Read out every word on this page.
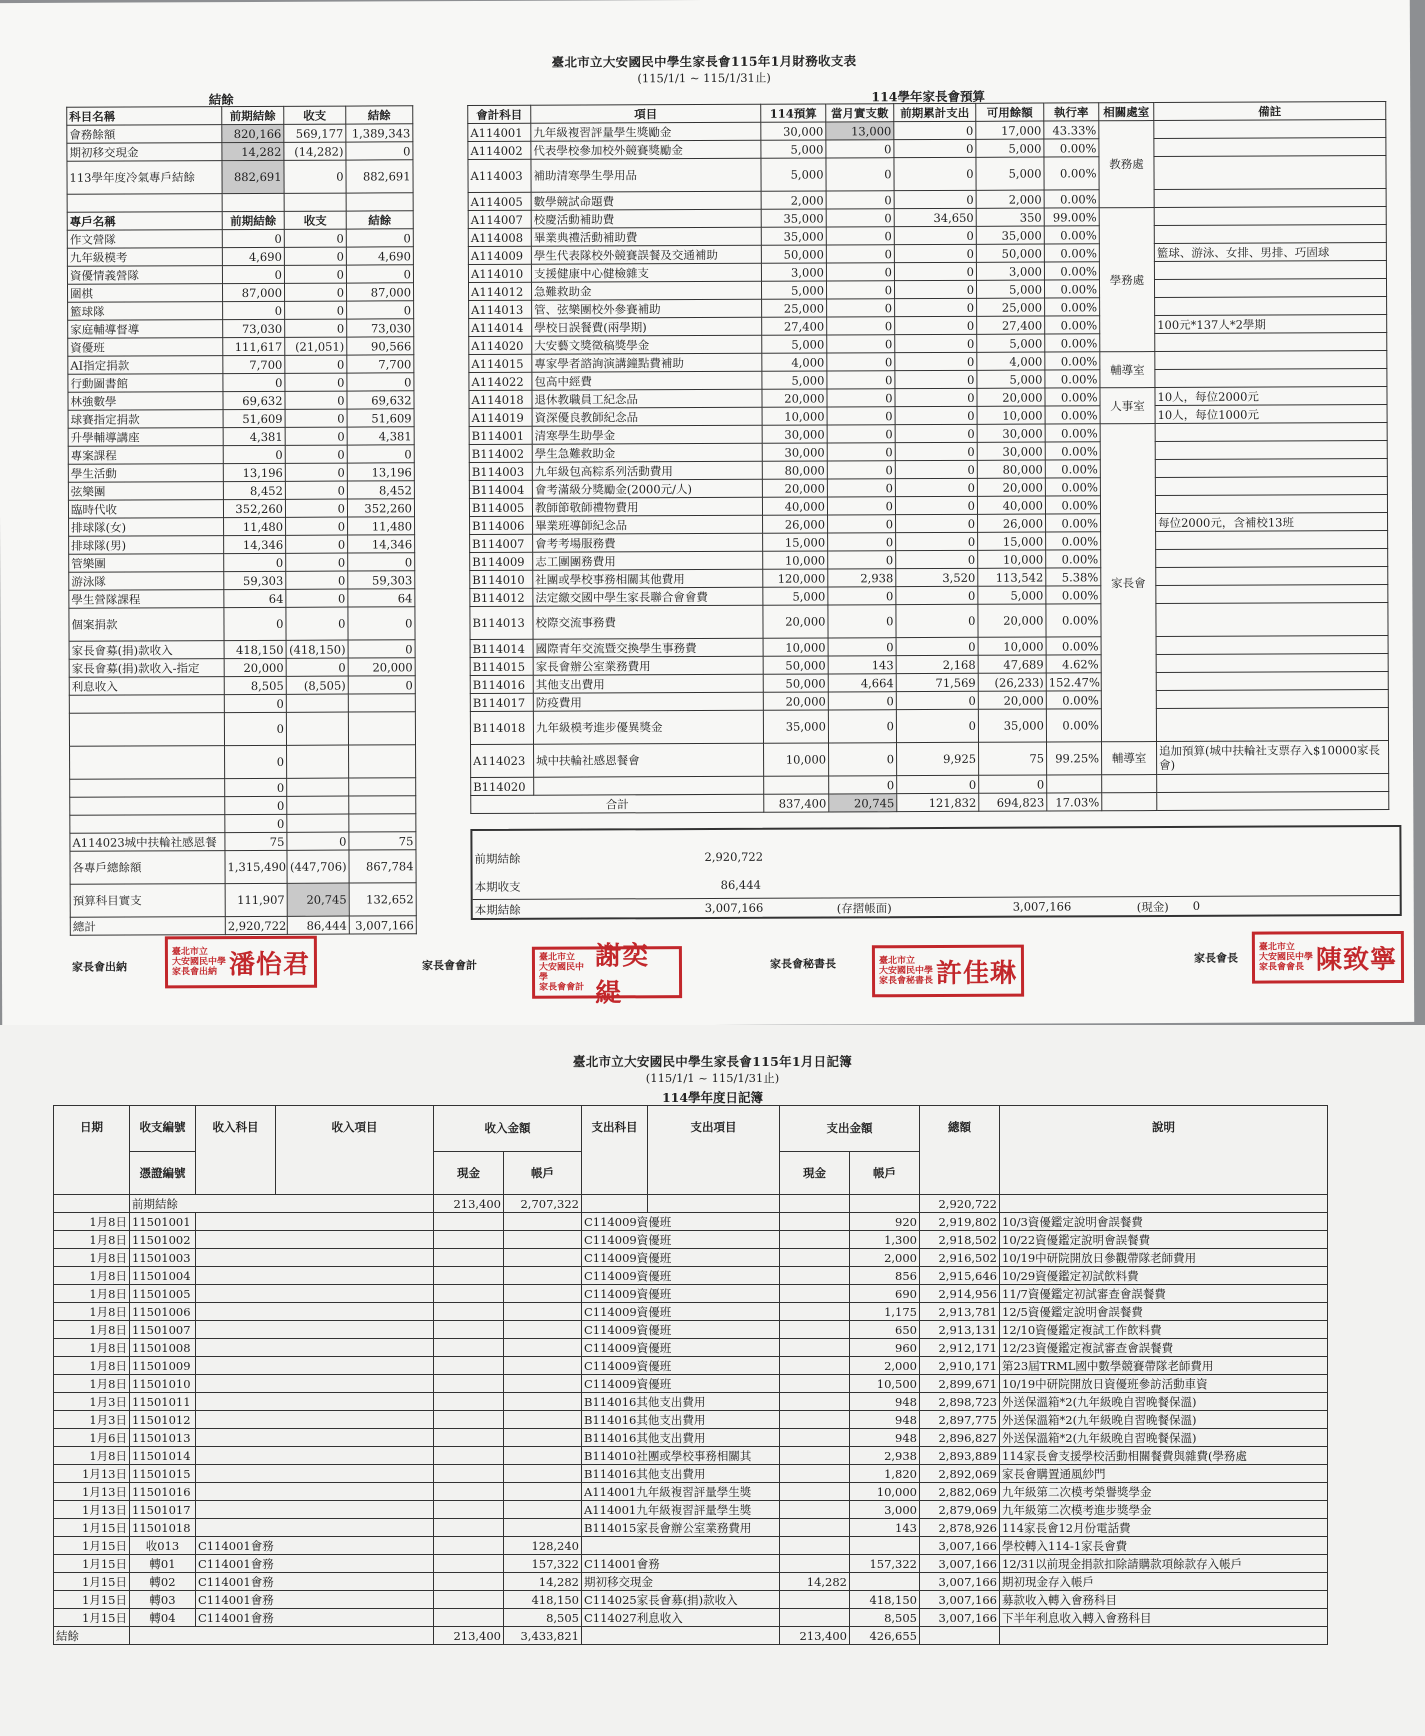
臺北市立大安國民中學生家長會115年1月財務收支表
(115/1/1 ~ 115/1/31止)
結餘	114學年家長會預算
科目名稱	前期結餘	收支	結餘
會務餘額	820,166	569,177	1,389,343
期初移交現金	14,282	(14,282)	0
113學年度冷氣專戶結餘	882,691	0	882,691

專戶名稱	前期結餘	收支	結餘
作文營隊	0	0	0
九年級模考	4,690	0	4,690
資優情義營隊	0	0	0
圍棋	87,000	0	87,000
籃球隊	0	0	0
家庭輔導督導	73,030	0	73,030
資優班	111,617	(21,051)	90,566
AI指定捐款	7,700	0	7,700
行動圖書館	0	0	0
林強數學	69,632	0	69,632
球賽指定捐款	51,609	0	51,609
升學輔導講座	4,381	0	4,381
專案課程	0	0	0
學生活動	13,196	0	13,196
弦樂團	8,452	0	8,452
臨時代收	352,260	0	352,260
排球隊(女)	11,480	0	11,480
排球隊(男)	14,346	0	14,346
管樂團	0	0	0
游泳隊	59,303	0	59,303
學生營隊課程	64	0	64
個案捐款	0	0	0
家長會募(捐)款收入	418,150	(418,150)	0
家長會募(捐)款收入-指定	20,000	0	20,000
利息收入	8,505	(8,505)	0
	0		
	0		
	0		
	0		
	0		
	0		
A114023城中扶輪社感恩餐	75	0	75
各專戶總餘額	1,315,490	(447,706)	867,784
預算科目實支	111,907	20,745	132,652
總計	2,920,722	86,444	3,007,166
會計科目	項目	114預算	當月實支數	前期累計支出	可用餘額	執行率	相關處室	備註
A114001	九年級複習評量學生獎勵金	30,000	13,000	0	17,000	43.33%	教務處	
A114002	代表學校參加校外競賽獎勵金	5,000	0	0	5,000	0.00%		
A114003	補助清寒學生學用品	5,000	0	0	5,000	0.00%		
A114005	數學競試命題費	2,000	0	0	2,000	0.00%		
A114007	校慶活動補助費	35,000	0	34,650	350	99.00%	學務處	
A114008	畢業典禮活動補助費	35,000	0	0	35,000	0.00%		
A114009	學生代表隊校外競賽誤餐及交通補助	50,000	0	0	50,000	0.00%		籃球、游泳、女排、男排、巧固球
A114010	支援健康中心健檢雜支	3,000	0	0	3,000	0.00%		
A114012	急難救助金	5,000	0	0	5,000	0.00%		
A114013	管、弦樂團校外參賽補助	25,000	0	0	25,000	0.00%		
A114014	學校日誤餐費(兩學期)	27,400	0	0	27,400	0.00%		100元*137人*2學期
A114020	大安藝文獎徵稿獎學金	5,000	0	0	5,000	0.00%		
A114015	專家學者諮詢演講鐘點費補助	4,000	0	0	4,000	0.00%	輔導室	
A114022	包高中經費	5,000	0	0	5,000	0.00%		
A114018	退休教職員工紀念品	20,000	0	0	20,000	0.00%	人事室	10人，每位2000元
A114019	資深優良教師紀念品	10,000	0	0	10,000	0.00%		10人，每位1000元
B114001	清寒學生助學金	30,000	0	0	30,000	0.00%	家長會	
B114002	學生急難救助金	30,000	0	0	30,000	0.00%		
B114003	九年級包高粽系列活動費用	80,000	0	0	80,000	0.00%		
B114004	會考滿級分獎勵金(2000元/人)	20,000	0	0	20,000	0.00%		
B114005	教師節敬師禮物費用	40,000	0	0	40,000	0.00%		
B114006	畢業班導師紀念品	26,000	0	0	26,000	0.00%		每位2000元，含補校13班
B114007	會考考場服務費	15,000	0	0	15,000	0.00%		
B114009	志工團團務費用	10,000	0	0	10,000	0.00%		
B114010	社團或學校事務相關其他費用	120,000	2,938	3,520	113,542	5.38%		
B114012	法定繳交國中學生家長聯合會會費	5,000	0	0	5,000	0.00%		
B114013	校際交流事務費	20,000	0	0	20,000	0.00%		
B114014	國際青年交流暨交換學生事務費	10,000	0	0	10,000	0.00%		
B114015	家長會辦公室業務費用	50,000	143	2,168	47,689	4.62%		
B114016	其他支出費用	50,000	4,664	71,569	(26,233)	152.47%		
B114017	防疫費用	20,000	0	0	20,000	0.00%		
B114018	九年級模考進步優異獎金	35,000	0	0	35,000	0.00%		
A114023	城中扶輪社感恩餐會	10,000	0	9,925	75	99.25%	輔導室	追加預算(城中扶輪社支票存入$10000家長會)
B114020			0	0	0			
合計		837,400	20,745	121,832	694,823	17.03%		
前期結餘	2,920,722
本期收支	86,444
本期結餘	3,007,166	(存摺帳面)	3,007,166	(現金) 0
家長會出納
臺北市立
大安國民中學
家長會出納 潘怡君	家長會會計
臺北市立
大安國民中學
家長會會計
謝奕緹
家長會秘書長	臺北市立
大安國民中學
家長會秘書長 許佳琳	家長會長
臺北市立
大安國民中學
家長會會長 陳致寧
臺北市立大安國民中學生家長會115年1月日記簿
(115/1/1 ~ 115/1/31止)
114學年度日記簿
日期	收支編號	收入科目	收入項目	收入金額		支出科目	支出項目	支出金額		總額	說明
	憑證編號			現金	帳戶			現金	帳戶		
	前期結餘			213,400	2,707,322					2,920,722	
1月8日	11501001					C114009資優班			920	2,919,802	10/3資優鑑定說明會誤餐費
1月8日	11501002					C114009資優班			1,300	2,918,502	10/22資優鑑定說明會誤餐費
1月8日	11501003					C114009資優班			2,000	2,916,502	10/19中研院開放日參觀帶隊老師費用
1月8日	11501004					C114009資優班			856	2,915,646	10/29資優鑑定初試飲料費
1月8日	11501005					C114009資優班			690	2,914,956	11/7資優鑑定初試審查會誤餐費
1月8日	11501006					C114009資優班			1,175	2,913,781	12/5資優鑑定說明會誤餐費
1月8日	11501007					C114009資優班			650	2,913,131	12/10資優鑑定複試工作飲料費
1月8日	11501008					C114009資優班			960	2,912,171	12/23資優鑑定複試審查會誤餐費
1月8日	11501009					C114009資優班			2,000	2,910,171	第23屆TRML國中數學競賽帶隊老師費用
1月8日	11501010					C114009資優班			10,500	2,899,671	10/19中研院開放日資優班參訪活動車資
1月3日	11501011					B114016其他支出費用			948	2,898,723	外送保溫箱*2(九年級晚自習晚餐保溫)
1月3日	11501012					B114016其他支出費用			948	2,897,775	外送保溫箱*2(九年級晚自習晚餐保溫)
1月6日	11501013					B114016其他支出費用			948	2,896,827	外送保溫箱*2(九年級晚自習晚餐保溫)
1月8日	11501014					B114010社團或學校事務相關其			2,938	2,893,889	114家長會支援學校活動相關餐費與雜費(學務處
1月13日	11501015					B114016其他支出費用			1,820	2,892,069	家長會購置通風紗門
1月13日	11501016					A114001九年級複習評量學生獎			10,000	2,882,069	九年級第二次模考榮譽獎學金
1月13日	11501017					A114001九年級複習評量學生獎			3,000	2,879,069	九年級第二次模考進步獎學金
1月15日	11501018					B114015家長會辦公室業務費用			143	2,878,926	114家長會12月份電話費
1月15日	收013	C114001會務			128,240					3,007,166	學校轉入114-1家長會費
1月15日	轉01	C114001會務			157,322	C114001會務			157,322	3,007,166	12/31以前現金捐款扣除請購款項餘款存入帳戶
1月15日	轉02	C114001會務			14,282	期初移交現金		14,282		3,007,166	期初現金存入帳戶
1月15日	轉03	C114001會務			418,150	C114025家長會募(捐)款收入			418,150	3,007,166	募款收入轉入會務科目
1月15日	轉04	C114001會務			8,505	C114027利息收入			8,505	3,007,166	下半年利息收入轉入會務科目
結餘				213,400	3,433,821			213,400	426,655		
